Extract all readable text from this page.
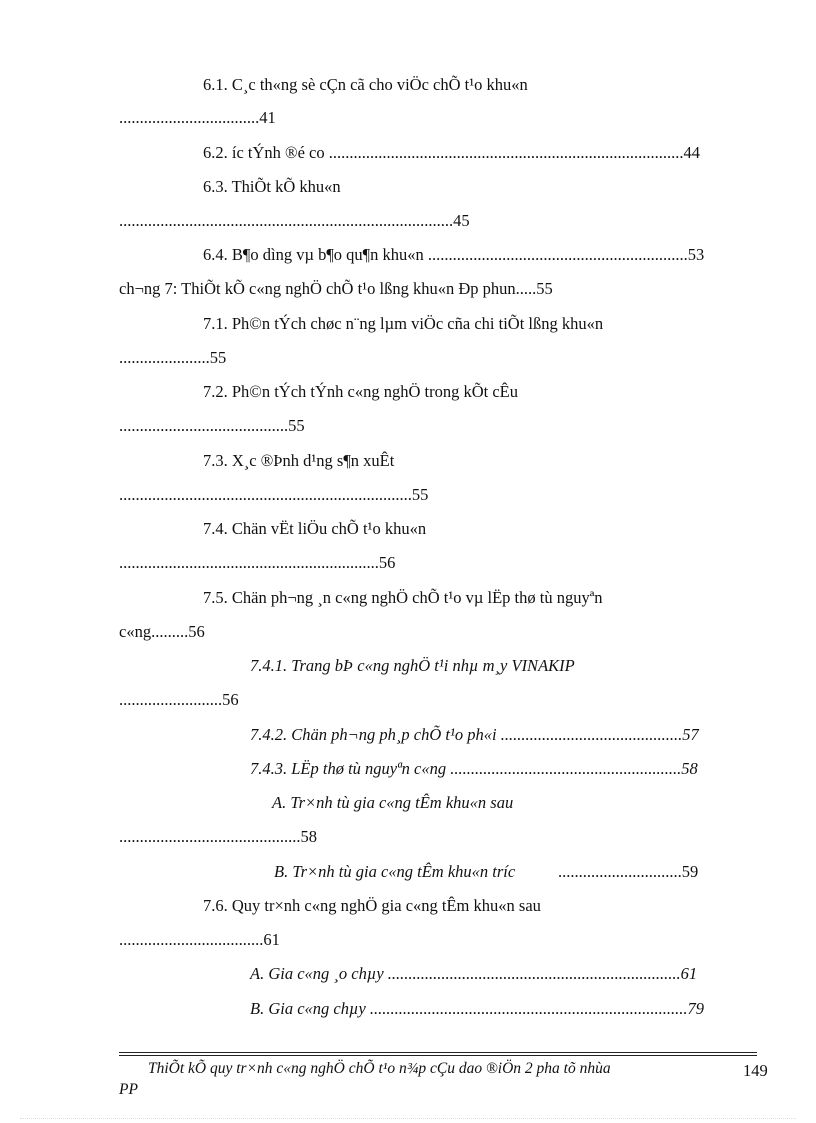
6.1. C¸c th«ng sè cÇn cã cho viÖc chÕ t¹o khu«n
..................................41
6.2. íc tÝnh ®é co ......................................................................................44
6.3. ThiÕt kÕ khu«n
.................................................................................45
6.4. B¶o dìng vµ b¶o qu¶n khu«n ...............................................................53
ch¬ng 7: ThiÕt kÕ c«ng nghÖ chÕ t¹o lßng khu«n Ðp phun.....55
7.1. Ph©n tÝch chøc n¨ng lµm viÖc cña chi tiÕt lßng khu«n
......................55
7.2. Ph©n tÝch tÝnh c«ng nghÖ trong kÕt cÊu
.........................................55
7.3. X¸c ®Þnh d¹ng s¶n xuÊt
.......................................................................55
7.4. Chän vËt liÖu chÕ t¹o khu«n
...............................................................56
7.5. Chän ph¬ng ¸n c«ng nghÖ chÕ t¹o vµ lËp thø tù nguyªn
c«ng.........56
7.4.1. Trang bÞ c«ng nghÖ t¹i nhµ m¸y VINAKIP
.........................56
7.4.2. Chän ph¬ng ph¸p chÕ t¹o ph«i ............................................57
7.4.3. LËp thø tù nguyªn c«ng ........................................................58
A. Tr×nh tù gia c«ng tÊm khu«n sau
............................................58
B. Tr×nh tù gia c«ng tÊm khu«n tríc	..............................59
7.6. Quy tr×nh c«ng nghÖ gia c«ng tÊm khu«n sau
...................................61
A. Gia c«ng ¸o chµy .......................................................................61
B. Gia c«ng chµy .............................................................................79
ThiÕt kÕ quy tr×nh c«ng nghÖ chÕ t¹o n¾p cÇu dao ®iÖn 2 pha tõ nhùa
PP
149
